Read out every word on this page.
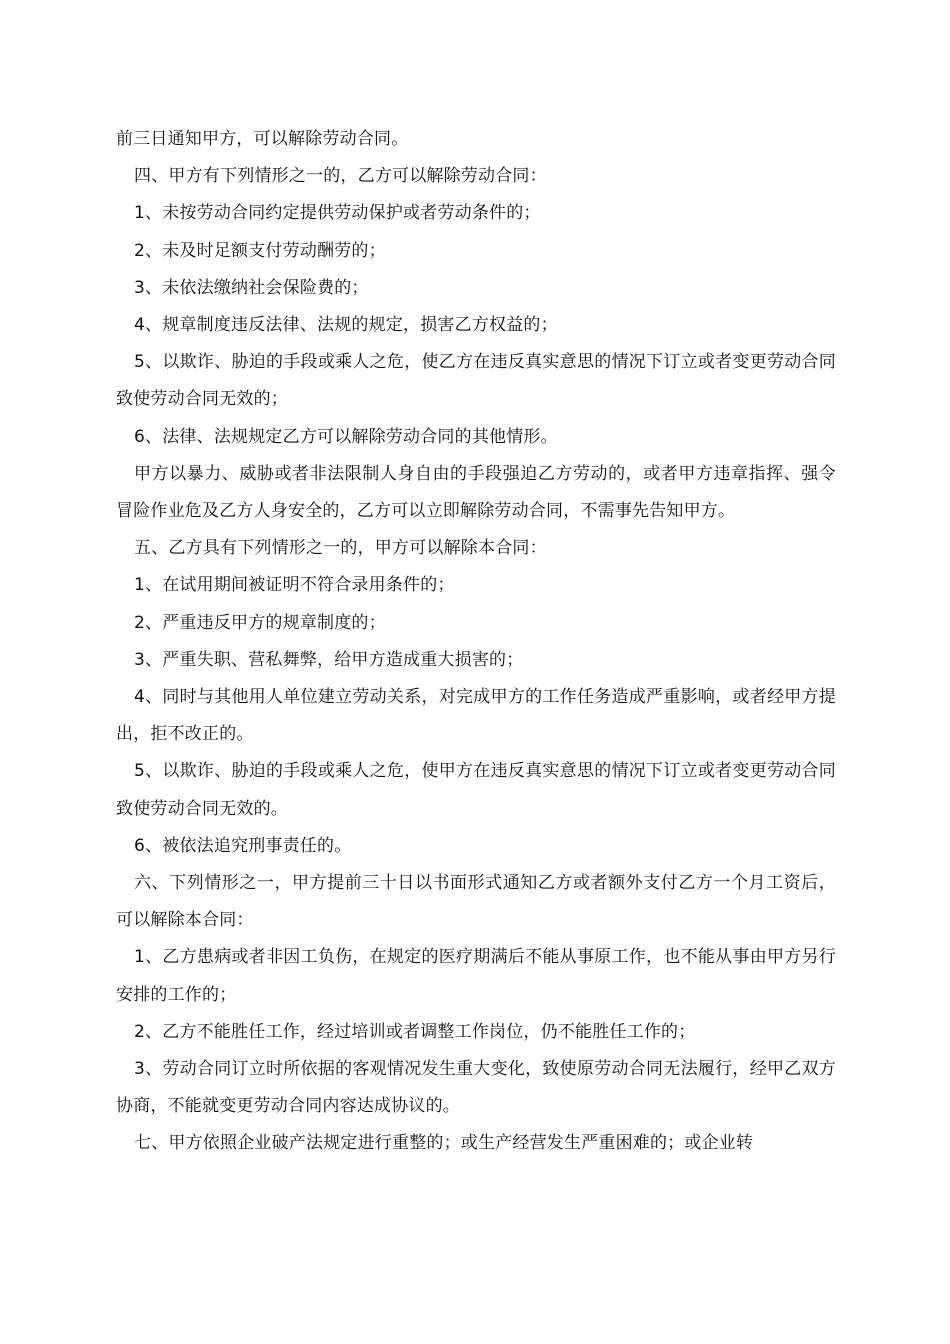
前三日通知甲方，可以解除劳动合同。

四、甲方有下列情形之一的，乙方可以解除劳动合同：

1、未按劳动合同约定提供劳动保护或者劳动条件的；

2、未及时足额支付劳动酬劳的；

3、未依法缴纳社会保险费的；

4、规章制度违反法律、法规的规定，损害乙方权益的；

5、以欺诈、胁迫的手段或乘人之危，使乙方在违反真实意思的情况下订立或者变更劳动合同致使劳动合同无效的；

6、法律、法规规定乙方可以解除劳动合同的其他情形。

甲方以暴力、威胁或者非法限制人身自由的手段强迫乙方劳动的，或者甲方违章指挥、强令冒险作业危及乙方人身安全的，乙方可以立即解除劳动合同，不需事先告知甲方。

五、乙方具有下列情形之一的，甲方可以解除本合同：

1、在试用期间被证明不符合录用条件的；

2、严重违反甲方的规章制度的；

3、严重失职、营私舞弊，给甲方造成重大损害的；

4、同时与其他用人单位建立劳动关系，对完成甲方的工作任务造成严重影响，或者经甲方提出，拒不改正的。

5、以欺诈、胁迫的手段或乘人之危，使甲方在违反真实意思的情况下订立或者变更劳动合同致使劳动合同无效的。

6、被依法追究刑事责任的。

六、下列情形之一，甲方提前三十日以书面形式通知乙方或者额外支付乙方一个月工资后，可以解除本合同：

1、乙方患病或者非因工负伤，在规定的医疗期满后不能从事原工作，也不能从事由甲方另行安排的工作的；

2、乙方不能胜任工作，经过培训或者调整工作岗位，仍不能胜任工作的；

3、劳动合同订立时所依据的客观情况发生重大变化，致使原劳动合同无法履行，经甲乙双方协商，不能就变更劳动合同内容达成协议的。

七、甲方依照企业破产法规定进行重整的；或生产经营发生严重困难的；或企业转
